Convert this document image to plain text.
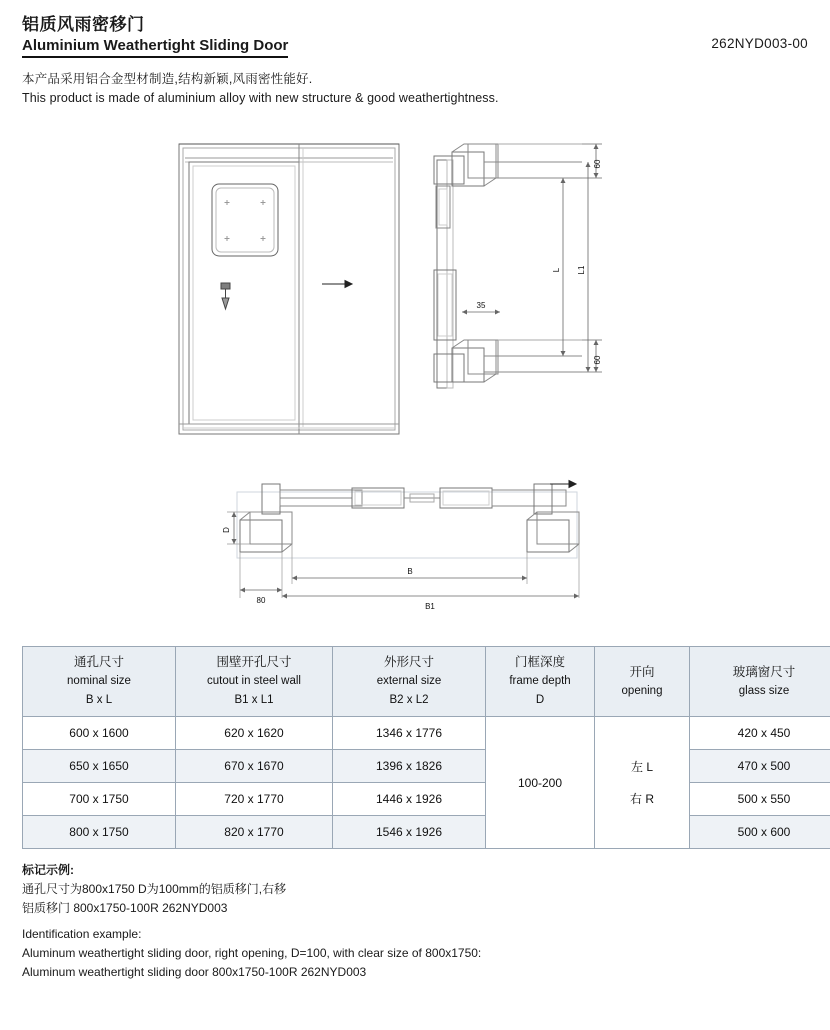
铝质风雨密移门
Aluminium Weathertight Sliding Door	262NYD003-00
本产品采用铝合金型材制造,结构新颖,风雨密性能好.
This product is made of aluminium alloy with new structure & good weathertightness.
60
L L1
60
35
D
80
B
B1
通孔尺寸
nominal size
B x L	围壁开孔尺寸
cutout in steel wall
B1 x L1	外形尺寸
external size
B2 x L2	门框深度
frame depth
D	开向
opening	玻璃窗尺寸
glass size

600 x 1600	620 x 1620	1346 x 1776	100-200	左 L
右 R	420 x 450
650 x 1650	670 x 1670	1396 x 1826			470 x 500
700 x 1750	720 x 1770	1446 x 1926			500 x 550
800 x 1750	820 x 1770	1546 x 1926			500 x 600
标记示例:
通孔尺寸为800x1750 D为100mm的铝质移门,右移
铝质移门 800x1750-100R 262NYD003
Identification example:
Aluminum weathertight sliding door, right opening, D=100, with clear size of 800x1750:
Aluminum weathertight sliding door 800x1750-100R 262NYD003
